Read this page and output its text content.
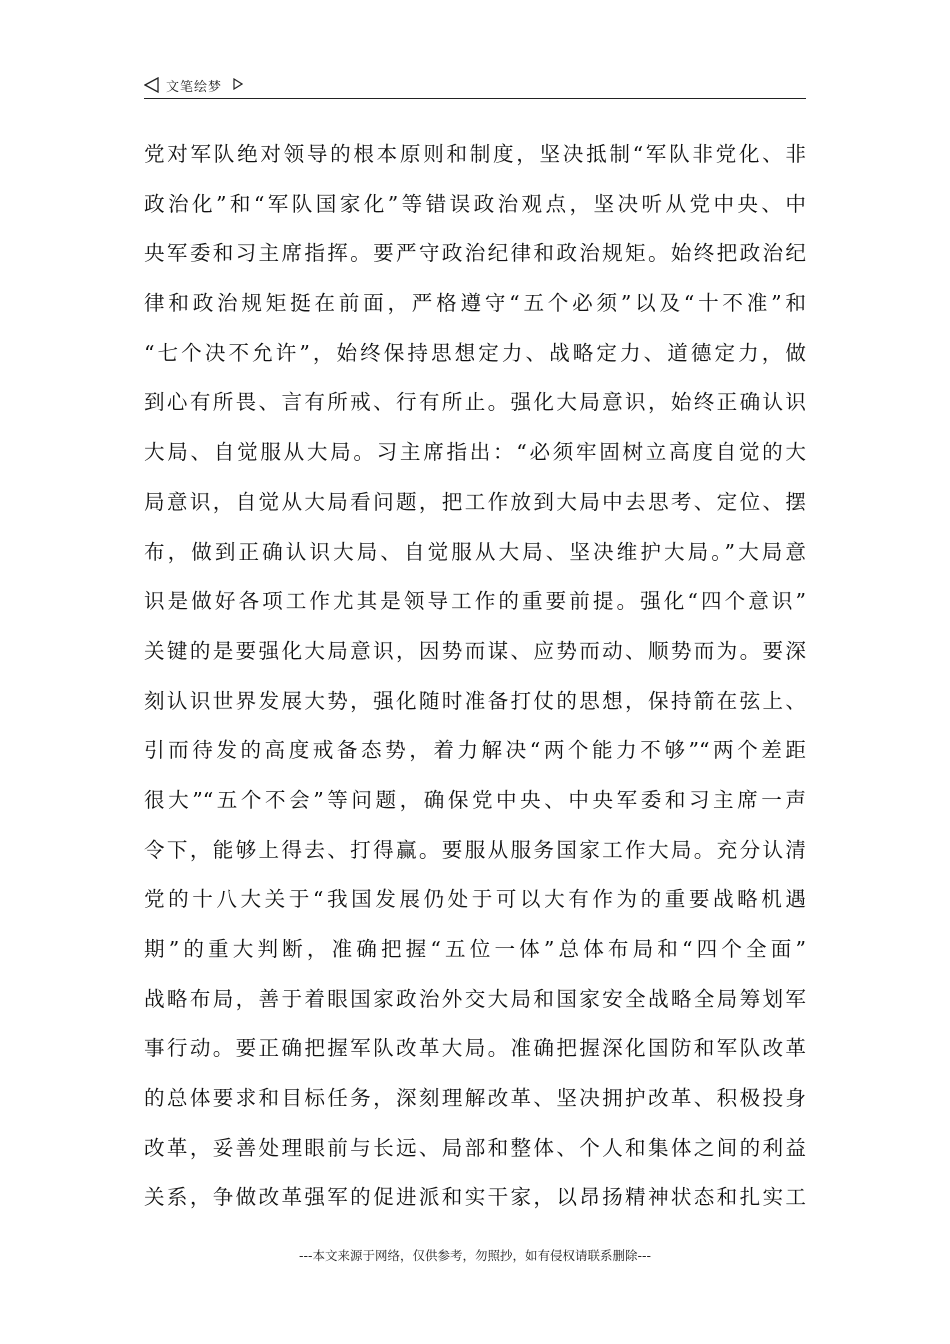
文笔绘梦
党对军队绝对领导的根本原则和制度，坚决抵制“军队非党化、非
政治化”和“军队国家化”等错误政治观点，坚决听从党中央、中
央军委和习主席指挥。要严守政治纪律和政治规矩。始终把政治纪
律和政治规矩挺在前面，严格遵守“五个必须”以及“十不准”和
“七个决不允许”，始终保持思想定力、战略定力、道德定力，做
到心有所畏、言有所戒、行有所止。强化大局意识，始终正确认识
大局、自觉服从大局。习主席指出：“必须牢固树立高度自觉的大
局意识，自觉从大局看问题，把工作放到大局中去思考、定位、摆
布，做到正确认识大局、自觉服从大局、坚决维护大局。”大局意
识是做好各项工作尤其是领导工作的重要前提。强化“四个意识”
关键的是要强化大局意识，因势而谋、应势而动、顺势而为。要深
刻认识世界发展大势，强化随时准备打仗的思想，保持箭在弦上、
引而待发的高度戒备态势，着力解决“两个能力不够”“两个差距
很大”“五个不会”等问题，确保党中央、中央军委和习主席一声
令下，能够上得去、打得赢。要服从服务国家工作大局。充分认清
党的十八大关于“我国发展仍处于可以大有作为的重要战略机遇
期”的重大判断，准确把握“五位一体”总体布局和“四个全面”
战略布局，善于着眼国家政治外交大局和国家安全战略全局筹划军
事行动。要正确把握军队改革大局。准确把握深化国防和军队改革
的总体要求和目标任务，深刻理解改革、坚决拥护改革、积极投身
改革，妥善处理眼前与长远、局部和整体、个人和集体之间的利益
关系，争做改革强军的促进派和实干家，以昂扬精神状态和扎实工
---本文来源于网络，仅供参考，勿照抄，如有侵权请联系删除---
